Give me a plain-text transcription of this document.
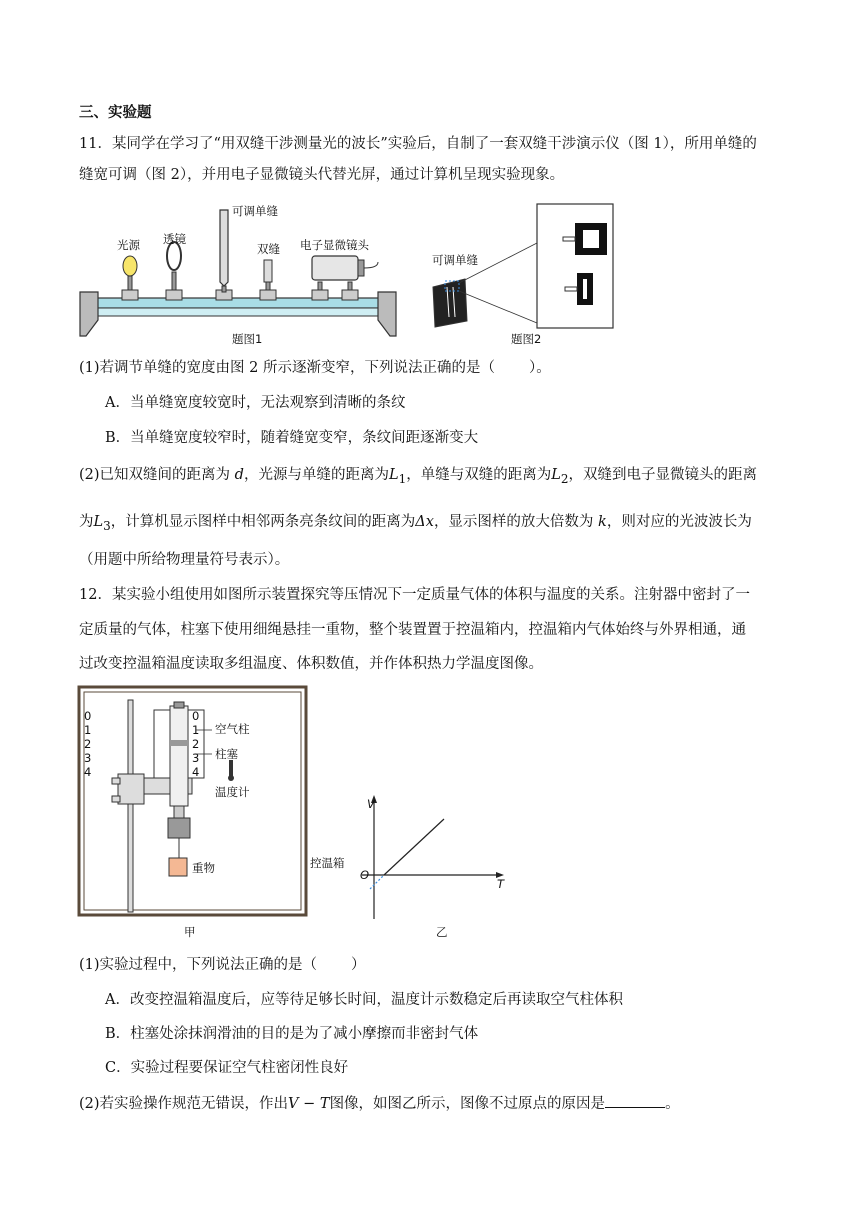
三、实验题
11．某同学在学习了“用双缝干涉测量光的波长”实验后，自制了一套双缝干涉演示仪（图 1），所用单缝的
缝宽可调（图 2），并用电子显微镜头代替光屏，通过计算机呈现实验现象。
光源 透镜
可调单缝
双缝 电子显微镜头
题图1
可调单缝
题图2
(1)若调节单缝的宽度由图 2 所示逐渐变窄，下列说法正确的是（ ）。
A．当单缝宽度较宽时，无法观察到清晰的条纹
B．当单缝宽度较窄时，随着缝宽变窄，条纹间距逐渐变大
(2)已知双缝间的距离为 d，光源与单缝的距离为$L_1$，单缝与双缝的距离为$L_2$，双缝到电子显微镜头的距离
为$L_3$，计算机显示图样中相邻两条亮条纹间的距离为Δx，显示图样的放大倍数为 k，则对应的光波波长为
（用题中所给物理量符号表示）。
12．某实验小组使用如图所示装置探究等压情况下一定质量气体的体积与温度的关系。注射器中密封了一
定质量的气体，柱塞下使用细绳悬挂一重物，整个装置置于控温箱内，控温箱内气体始终与外界相通，通
过改变控温箱温度读取多组温度、体积数值，并作体积热力学温度图像。
0
1
2
3
4
0
1
2
3
4
空气柱
柱塞
温度计
重物	控温箱
甲
V
T
O
乙
(1)实验过程中，下列说法正确的是（ ）
A．改变控温箱温度后，应等待足够长时间，温度计示数稳定后再读取空气柱体积
B．柱塞处涂抹润滑油的目的是为了减小摩擦而非密封气体
C．实验过程要保证空气柱密闭性良好
(2)若实验操作规范无错误，作出V − T图像，如图乙所示，图像不过原点的原因是	。
